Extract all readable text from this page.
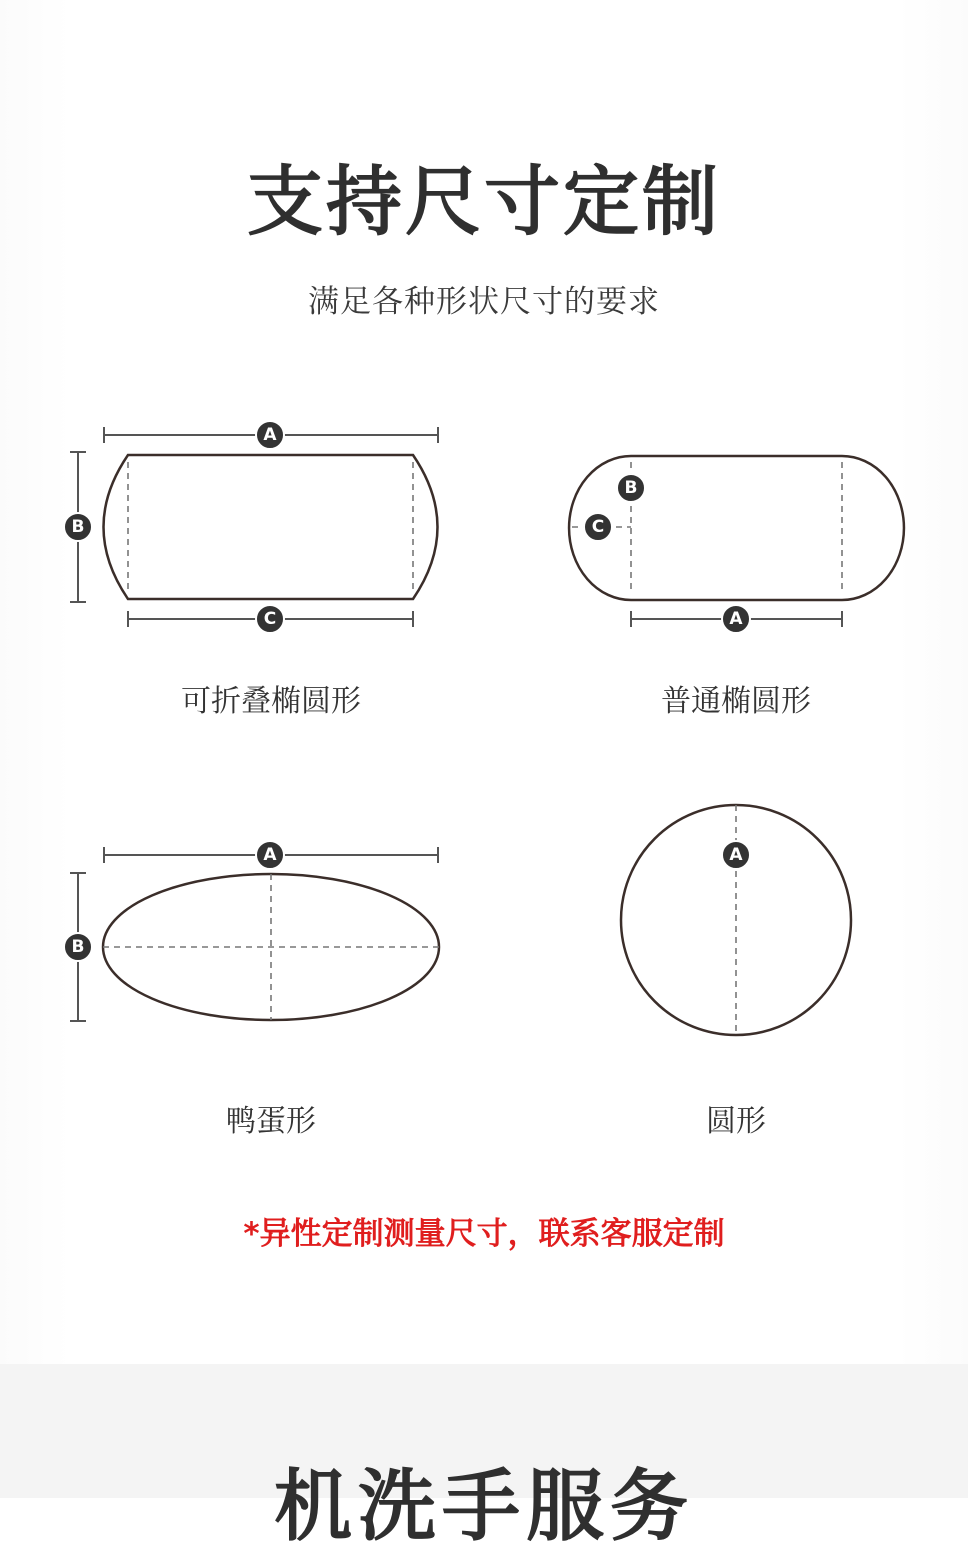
支持尺寸定制
满足各种形状尺寸的要求
A
B
C
B
C
A
A
B
A
可折叠椭圆形	普通椭圆形
鸭蛋形	圆形
*异性定制测量尺寸，联系客服定制
机洗手服务
